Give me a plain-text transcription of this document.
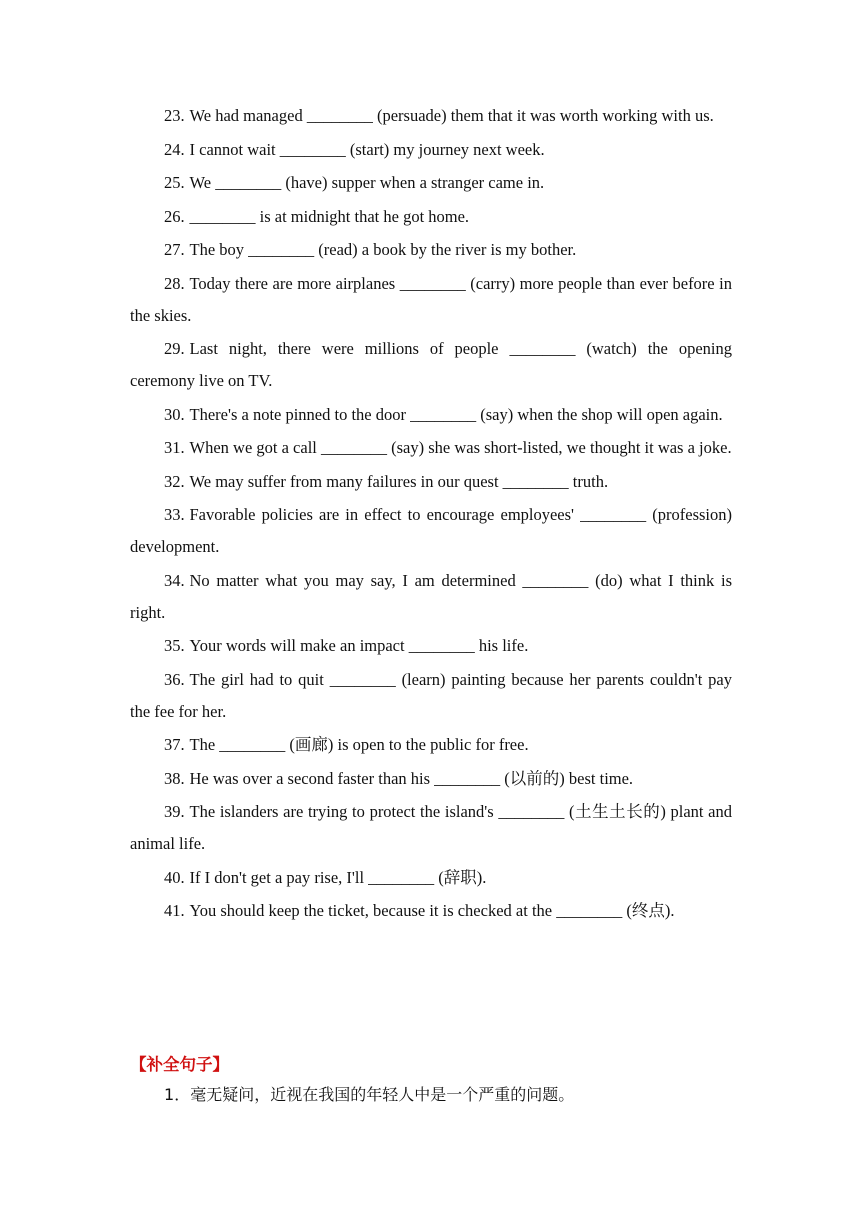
23. We had managed ________ (persuade) them that it was worth working with us.
24. I cannot wait ________ (start) my journey next week.
25. We ________ (have) supper when a stranger came in.
26. ________ is at midnight that he got home.
27. The boy ________ (read) a book by the river is my bother.
28. Today there are more airplanes ________ (carry) more people than ever before in the skies.
29. Last night, there were millions of people ________ (watch) the opening ceremony live on TV.
30. There's a note pinned to the door ________ (say) when the shop will open again.
31. When we got a call ________ (say) she was short-listed, we thought it was a joke.
32. We may suffer from many failures in our quest ________ truth.
33. Favorable policies are in effect to encourage employees' ________ (profession) development.
34. No matter what you may say, I am determined ________ (do) what I think is right.
35. Your words will make an impact ________ his life.
36. The girl had to quit ________ (learn) painting because her parents couldn't pay the fee for her.
37. The ________ (画廊) is open to the public for free.
38. He was over a second faster than his ________ (以前的) best time.
39. The islanders are trying to protect the island's ________ (土生土长的) plant and animal life.
40. If I don't get a pay rise, I'll ________ (辞职).
41. You should keep the ticket, because it is checked at the ________ (终点).
【补全句子】
1．毫无疑问，近视在我国的年轻人中是一个严重的问题。
